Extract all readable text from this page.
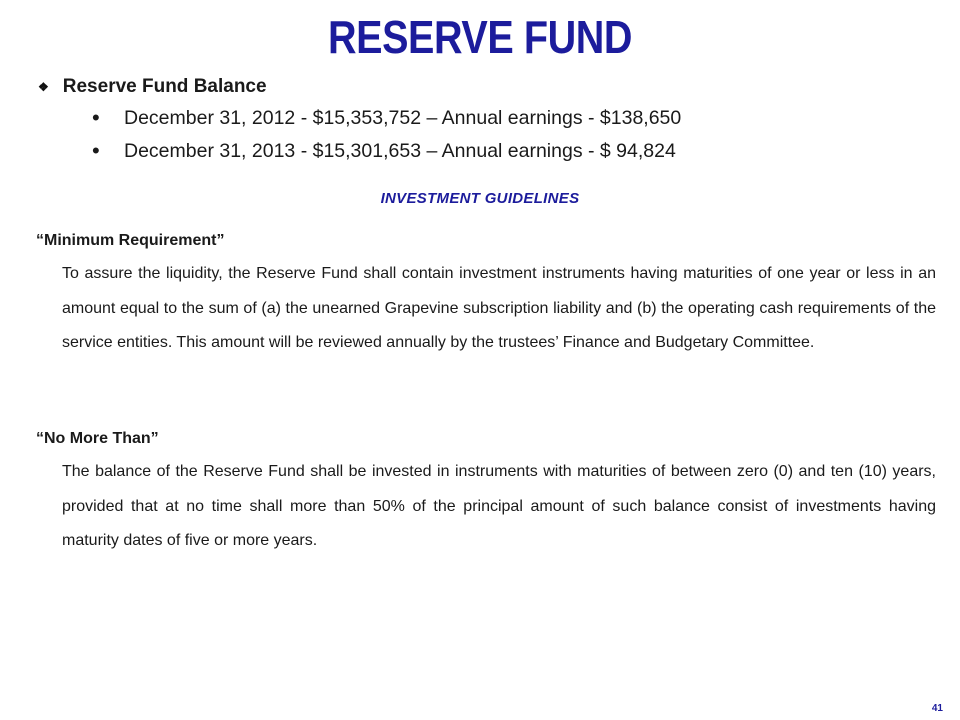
RESERVE FUND
❖ Reserve Fund Balance
•	December 31, 2012 - $15,353,752 – Annual earnings - $138,650
•	December 31, 2013 - $15,301,653 – Annual earnings - $ 94,824
INVESTMENT GUIDELINES
“Minimum Requirement”
To assure the liquidity, the Reserve Fund shall contain investment instruments having maturities of one year or less in an amount equal to the sum of (a) the unearned Grapevine subscription liability and (b) the operating cash requirements of the service entities. This amount will be reviewed annually by the trustees’ Finance and Budgetary Committee.
“No More Than”
The balance of the Reserve Fund shall be invested in instruments with maturities of between zero (0) and ten (10) years, provided that at no time shall more than 50% of the principal amount of such balance consist of investments having maturity dates of five or more years.
41
